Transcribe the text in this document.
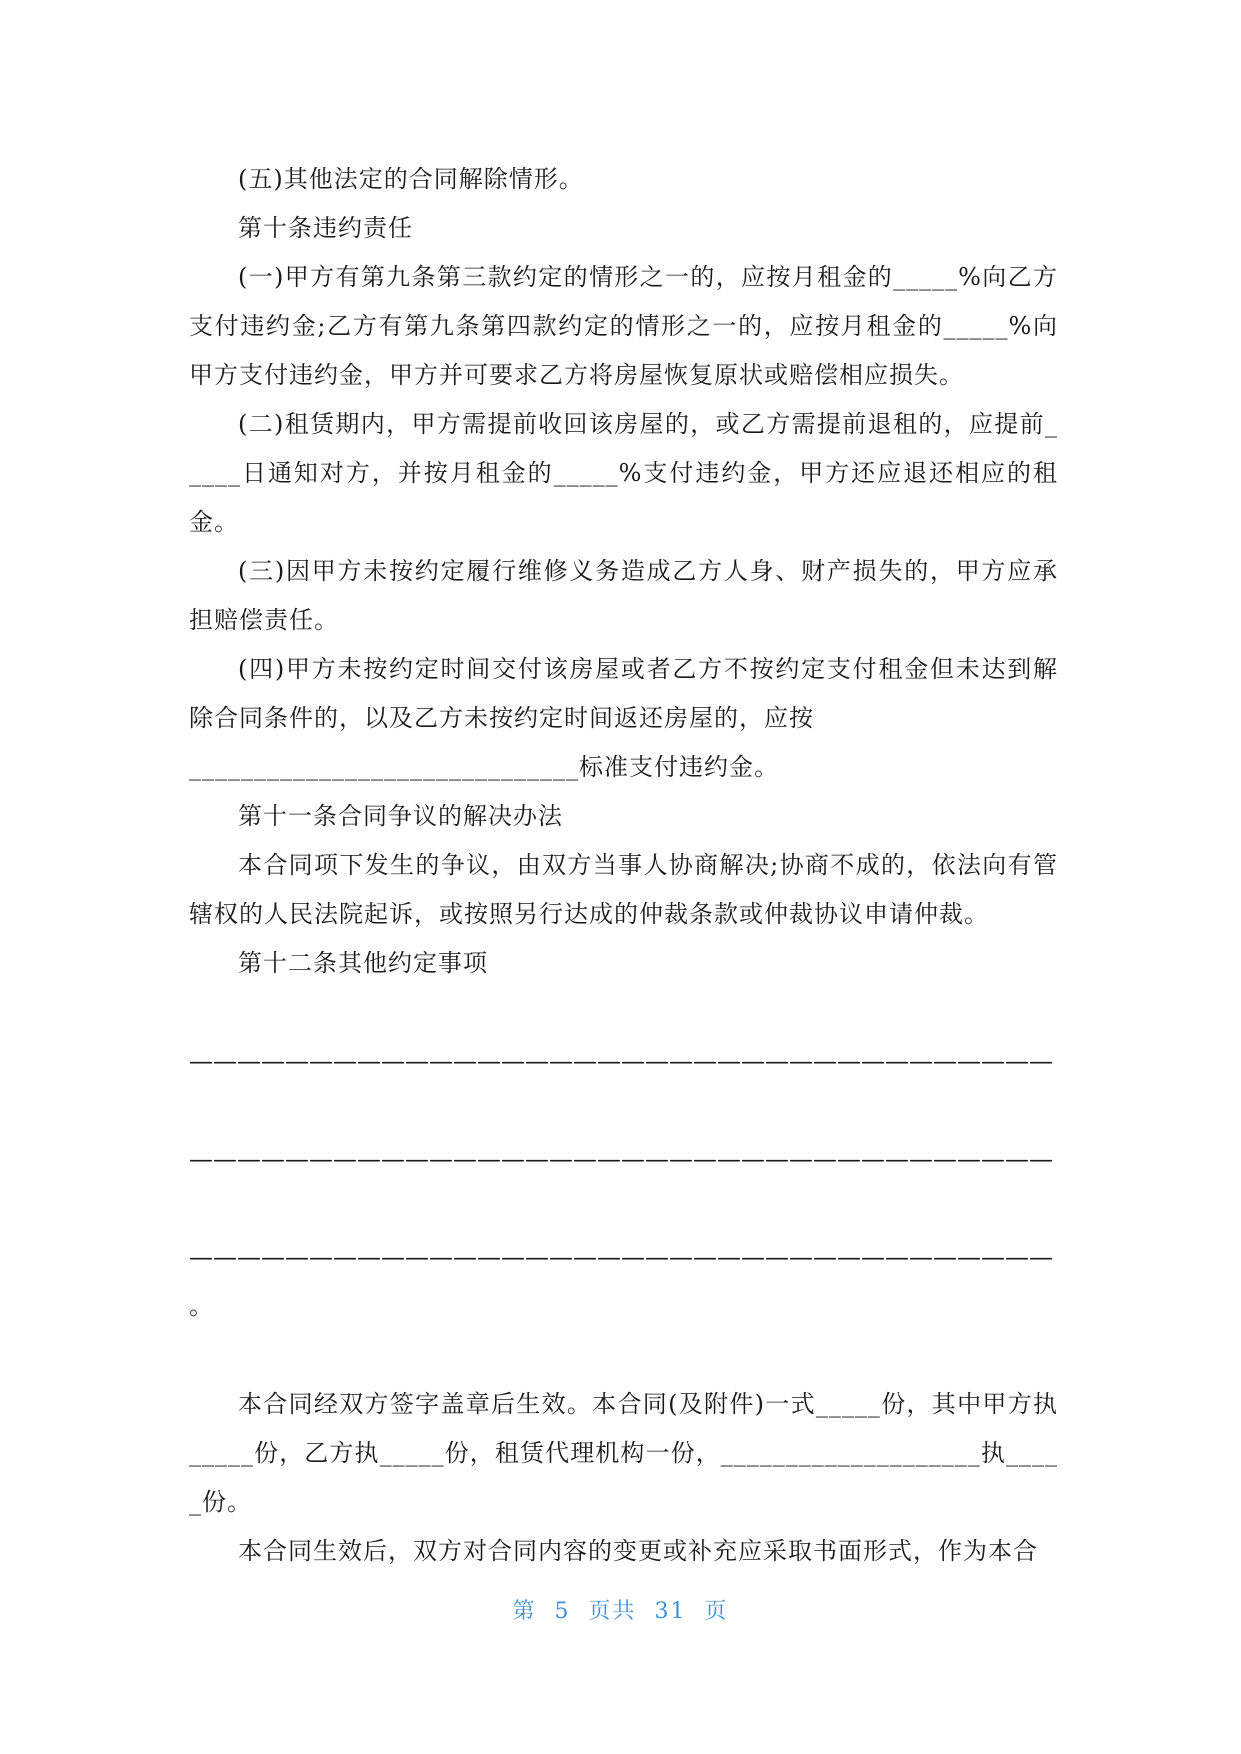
(五)其他法定的合同解除情形。

第十条违约责任

(一)甲方有第九条第三款约定的情形之一的，应按月租金的_____%向乙方支付违约金;乙方有第九条第四款约定的情形之一的，应按月租金的_____%向甲方支付违约金，甲方并可要求乙方将房屋恢复原状或赔偿相应损失。

(二)租赁期内，甲方需提前收回该房屋的，或乙方需提前退租的，应提前_____日通知对方，并按月租金的_____%支付违约金，甲方还应退还相应的租金。

(三)因甲方未按约定履行维修义务造成乙方人身、财产损失的，甲方应承担赔偿责任。

(四)甲方未按约定时间交付该房屋或者乙方不按约定支付租金但未达到解除合同条件的，以及乙方未按约定时间返还房屋的，应按

______________________________标准支付违约金。

第十一条合同争议的解决办法

本合同项下发生的争议，由双方当事人协商解决;协商不成的，依法向有管辖权的人民法院起诉，或按照另行达成的仲裁条款或仲裁协议申请仲裁。

第十二条其他约定事项

————————————————————————————————————
————————————————————————————————————
————————————————————————————————————

。

本合同经双方签字盖章后生效。本合同(及附件)一式_____份，其中甲方执_____份，乙方执_____份，租赁代理机构一份，____________________执_____份。

本合同生效后，双方对合同内容的变更或补充应采取书面形式，作为本合

第 5 页共 31 页
